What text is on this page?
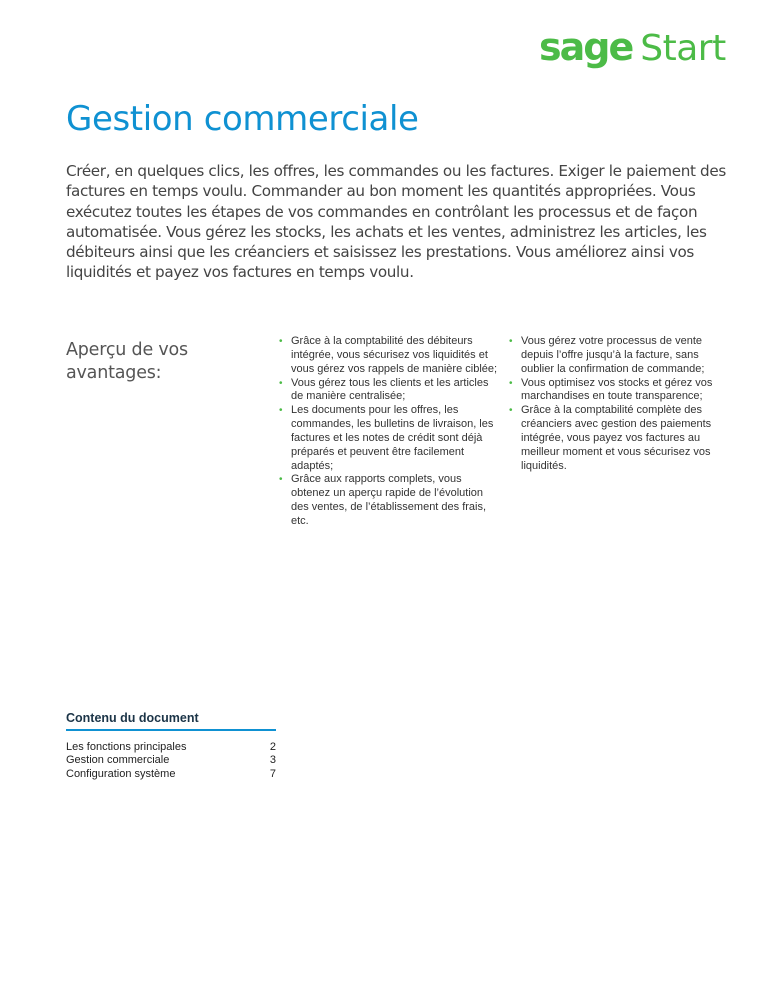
sage Start
Gestion commerciale

Créer, en quelques clics, les offres, les commandes ou les factures. Exiger le paiement des factures en temps voulu. Commander au bon moment les quantités appropriées. Vous exécutez toutes les étapes de vos commandes en contrôlant les processus et de façon automatisée. Vous gérez les stocks, les achats et les ventes, administrez les articles, les débiteurs ainsi que les créanciers et saisissez les prestations. Vous améliorez ainsi vos liquidités et payez vos factures en temps voulu.

Aperçu de vos avantages:
• Grâce à la comptabilité des débiteurs intégrée, vous sécurisez vos liquidités et vous gérez vos rappels de manière ciblée;
• Vous gérez tous les clients et les articles de manière centralisée;
• Les documents pour les offres, les commandes, les bulletins de livraison, les factures et les notes de crédit sont déjà préparés et peuvent être facilement adaptés;
• Grâce aux rapports complets, vous obtenez un aperçu rapide de l’évolution des ventes, de l’établissement des frais, etc.
• Vous gérez votre processus de vente depuis l’offre jusqu’à la facture, sans oublier la confirmation de commande;
• Vous optimisez vos stocks et gérez vos marchandises en toute transparence;
• Grâce à la comptabilité complète des créanciers avec gestion des paiements intégrée, vous payez vos factures au meilleur moment et vous sécurisez vos liquidités.
Contenu du document
Les fonctions principales	2
Gestion commerciale	3
Configuration système	7
